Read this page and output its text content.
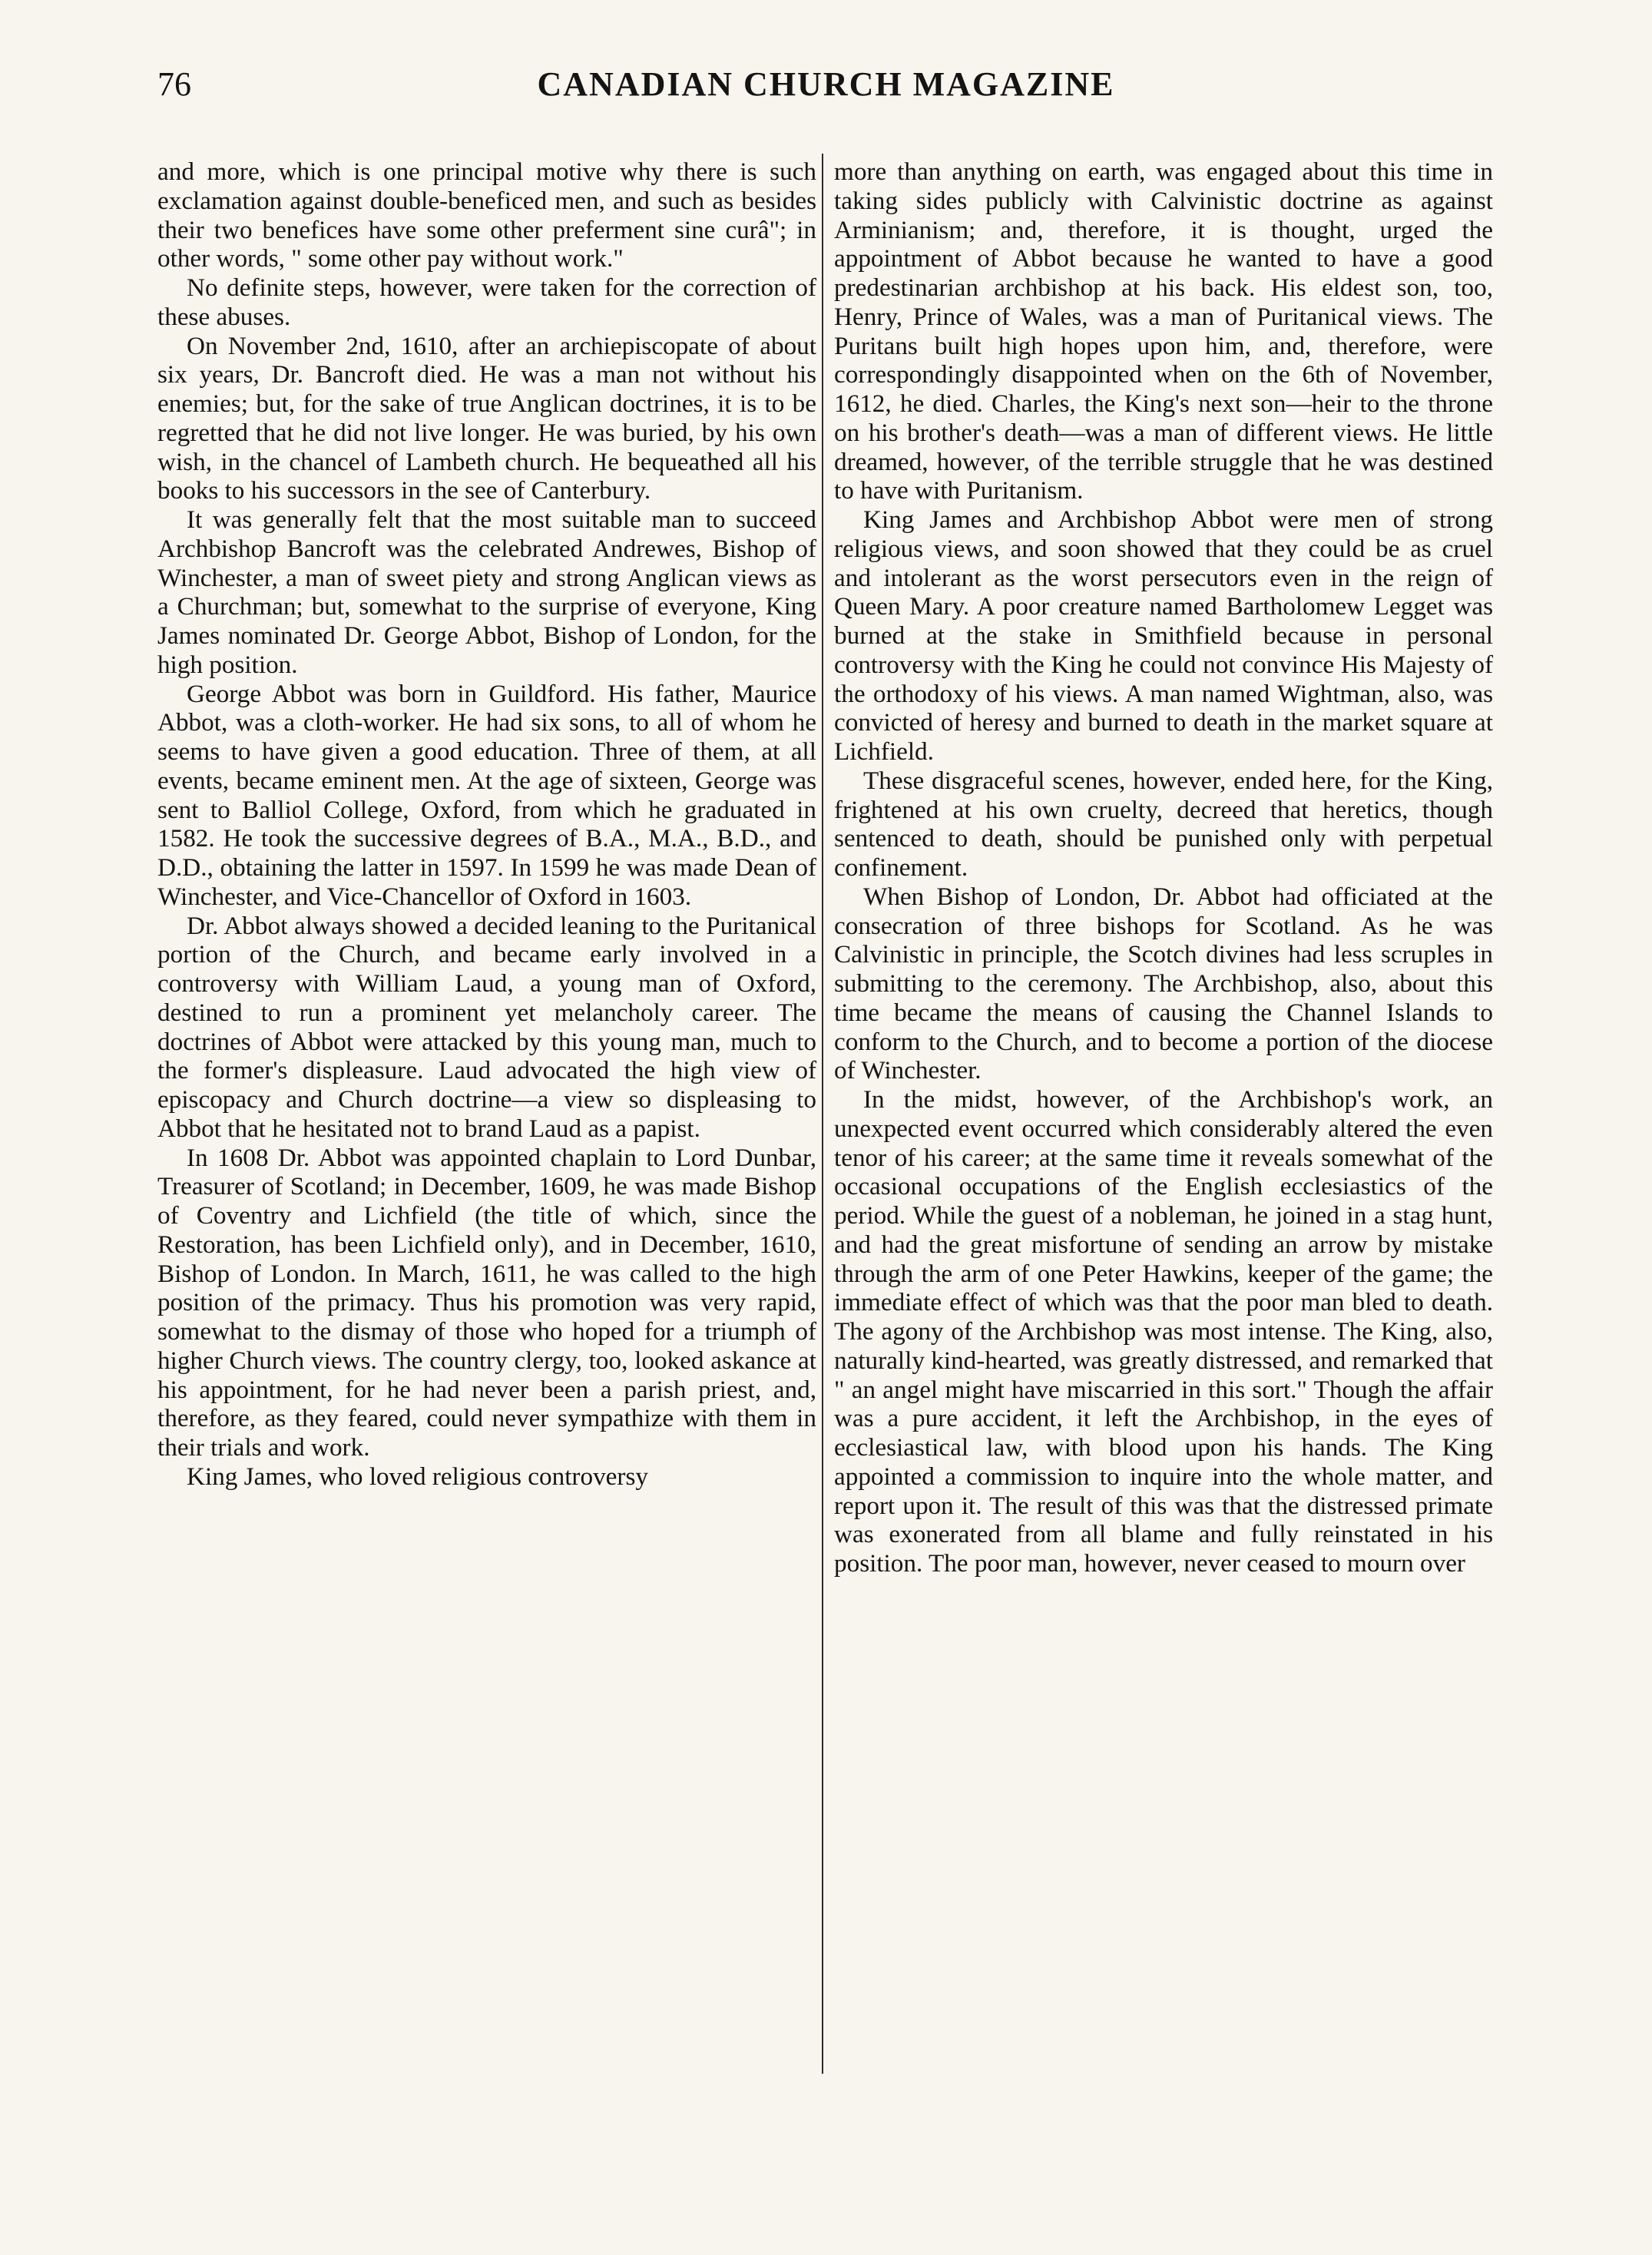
76	CANADIAN CHURCH MAGAZINE

and more, which is one principal motive why there is such exclamation against double-beneficed men, and such as besides their two benefices have some other preferment sine curâ"; in other words, " some other pay without work."

No definite steps, however, were taken for the correction of these abuses.

On November 2nd, 1610, after an archiepiscopate of about six years, Dr. Bancroft died. He was a man not without his enemies; but, for the sake of true Anglican doctrines, it is to be regretted that he did not live longer. He was buried, by his own wish, in the chancel of Lambeth church. He bequeathed all his books to his successors in the see of Canterbury.

It was generally felt that the most suitable man to succeed Archbishop Bancroft was the celebrated Andrewes, Bishop of Winchester, a man of sweet piety and strong Anglican views as a Churchman; but, somewhat to the surprise of everyone, King James nominated Dr. George Abbot, Bishop of London, for the high position.

George Abbot was born in Guildford. His father, Maurice Abbot, was a cloth-worker. He had six sons, to all of whom he seems to have given a good education. Three of them, at all events, became eminent men. At the age of sixteen, George was sent to Balliol College, Oxford, from which he graduated in 1582. He took the successive degrees of B.A., M.A., B.D., and D.D., obtaining the latter in 1597. In 1599 he was made Dean of Winchester, and Vice-Chancellor of Oxford in 1603.

Dr. Abbot always showed a decided leaning to the Puritanical portion of the Church, and became early involved in a controversy with William Laud, a young man of Oxford, destined to run a prominent yet melancholy career. The doctrines of Abbot were attacked by this young man, much to the former's displeasure. Laud advocated the high view of episcopacy and Church doctrine—a view so displeasing to Abbot that he hesitated not to brand Laud as a papist.

In 1608 Dr. Abbot was appointed chaplain to Lord Dunbar, Treasurer of Scotland; in December, 1609, he was made Bishop of Coventry and Lichfield (the title of which, since the Restoration, has been Lichfield only), and in December, 1610, Bishop of London. In March, 1611, he was called to the high position of the primacy. Thus his promotion was very rapid, somewhat to the dismay of those who hoped for a triumph of higher Church views. The country clergy, too, looked askance at his appointment, for he had never been a parish priest, and, therefore, as they feared, could never sympathize with them in their trials and work.

King James, who loved religious controversy

more than anything on earth, was engaged about this time in taking sides publicly with Calvinistic doctrine as against Arminianism; and, therefore, it is thought, urged the appointment of Abbot because he wanted to have a good predestinarian archbishop at his back. His eldest son, too, Henry, Prince of Wales, was a man of Puritanical views. The Puritans built high hopes upon him, and, therefore, were correspondingly disappointed when on the 6th of November, 1612, he died. Charles, the King's next son—heir to the throne on his brother's death—was a man of different views. He little dreamed, however, of the terrible struggle that he was destined to have with Puritanism.

King James and Archbishop Abbot were men of strong religious views, and soon showed that they could be as cruel and intolerant as the worst persecutors even in the reign of Queen Mary. A poor creature named Bartholomew Legget was burned at the stake in Smithfield because in personal controversy with the King he could not convince His Majesty of the orthodoxy of his views. A man named Wightman, also, was convicted of heresy and burned to death in the market square at Lichfield.

These disgraceful scenes, however, ended here, for the King, frightened at his own cruelty, decreed that heretics, though sentenced to death, should be punished only with perpetual confinement.

When Bishop of London, Dr. Abbot had officiated at the consecration of three bishops for Scotland. As he was Calvinistic in principle, the Scotch divines had less scruples in submitting to the ceremony. The Archbishop, also, about this time became the means of causing the Channel Islands to conform to the Church, and to become a portion of the diocese of Winchester.

In the midst, however, of the Archbishop's work, an unexpected event occurred which considerably altered the even tenor of his career; at the same time it reveals somewhat of the occasional occupations of the English ecclesiastics of the period. While the guest of a nobleman, he joined in a stag hunt, and had the great misfortune of sending an arrow by mistake through the arm of one Peter Hawkins, keeper of the game; the immediate effect of which was that the poor man bled to death. The agony of the Archbishop was most intense. The King, also, naturally kind-hearted, was greatly distressed, and remarked that " an angel might have miscarried in this sort." Though the affair was a pure accident, it left the Archbishop, in the eyes of ecclesiastical law, with blood upon his hands. The King appointed a commission to inquire into the whole matter, and report upon it. The result of this was that the distressed primate was exonerated from all blame and fully reinstated in his position. The poor man, however, never ceased to mourn over
